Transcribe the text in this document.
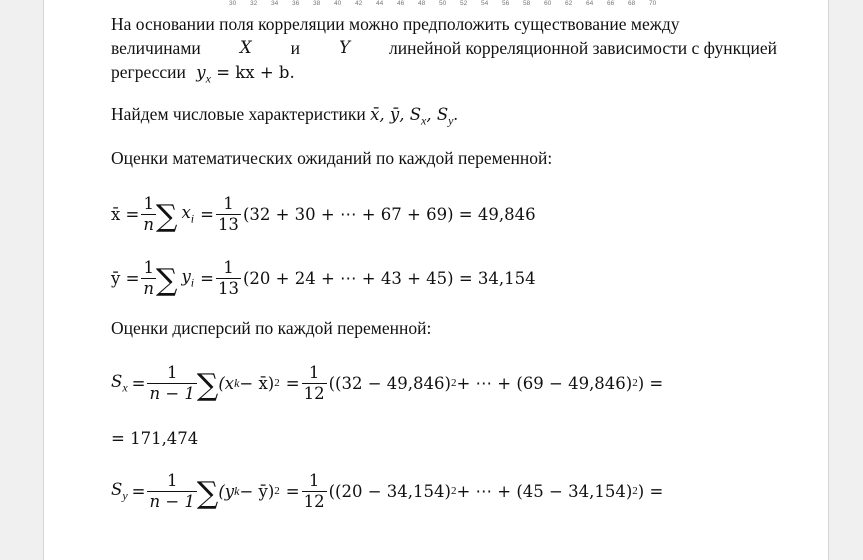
30 32 34 36 38 40 42 44 46 48 50 52 54 56 58 60 62 64 66 68 70
На основании поля корреляции можно предположить существование между
величинами X и Y линейной корреляционной зависимости с функцией
регрессии $y_x$ = kx + b.
Найдем числовые характеристики x̄, ȳ, $S_x$, $S_y$.
Оценки математических ожиданий по каждой переменной:
x̄ = $\frac{1}{n}$ ∑ $x_i = \frac{1}{13} (32 + 30$ + ⋯ + 67 + 69) = 49,846
ȳ = $\frac{1}{n}$ ∑ $y_i = \frac{1}{13} (20 + 24$ + ⋯ + 43 + 45) = 34,154
Оценки дисперсий по каждой переменной:
$S_x = \frac{1}{n - 1}$ ∑ (x k − x̄) $2 = \frac{1}{12} ((32 - 49,846) 2$ + ⋯ + (69 − 49,846) 2 ) =
= 171,474
$S_y = \frac{1}{n - 1}$ ∑ (y k − ȳ) $2 = \frac{1}{12} ((20 - 34,154) 2$ + ⋯ + (45 − 34,154) 2 ) =
